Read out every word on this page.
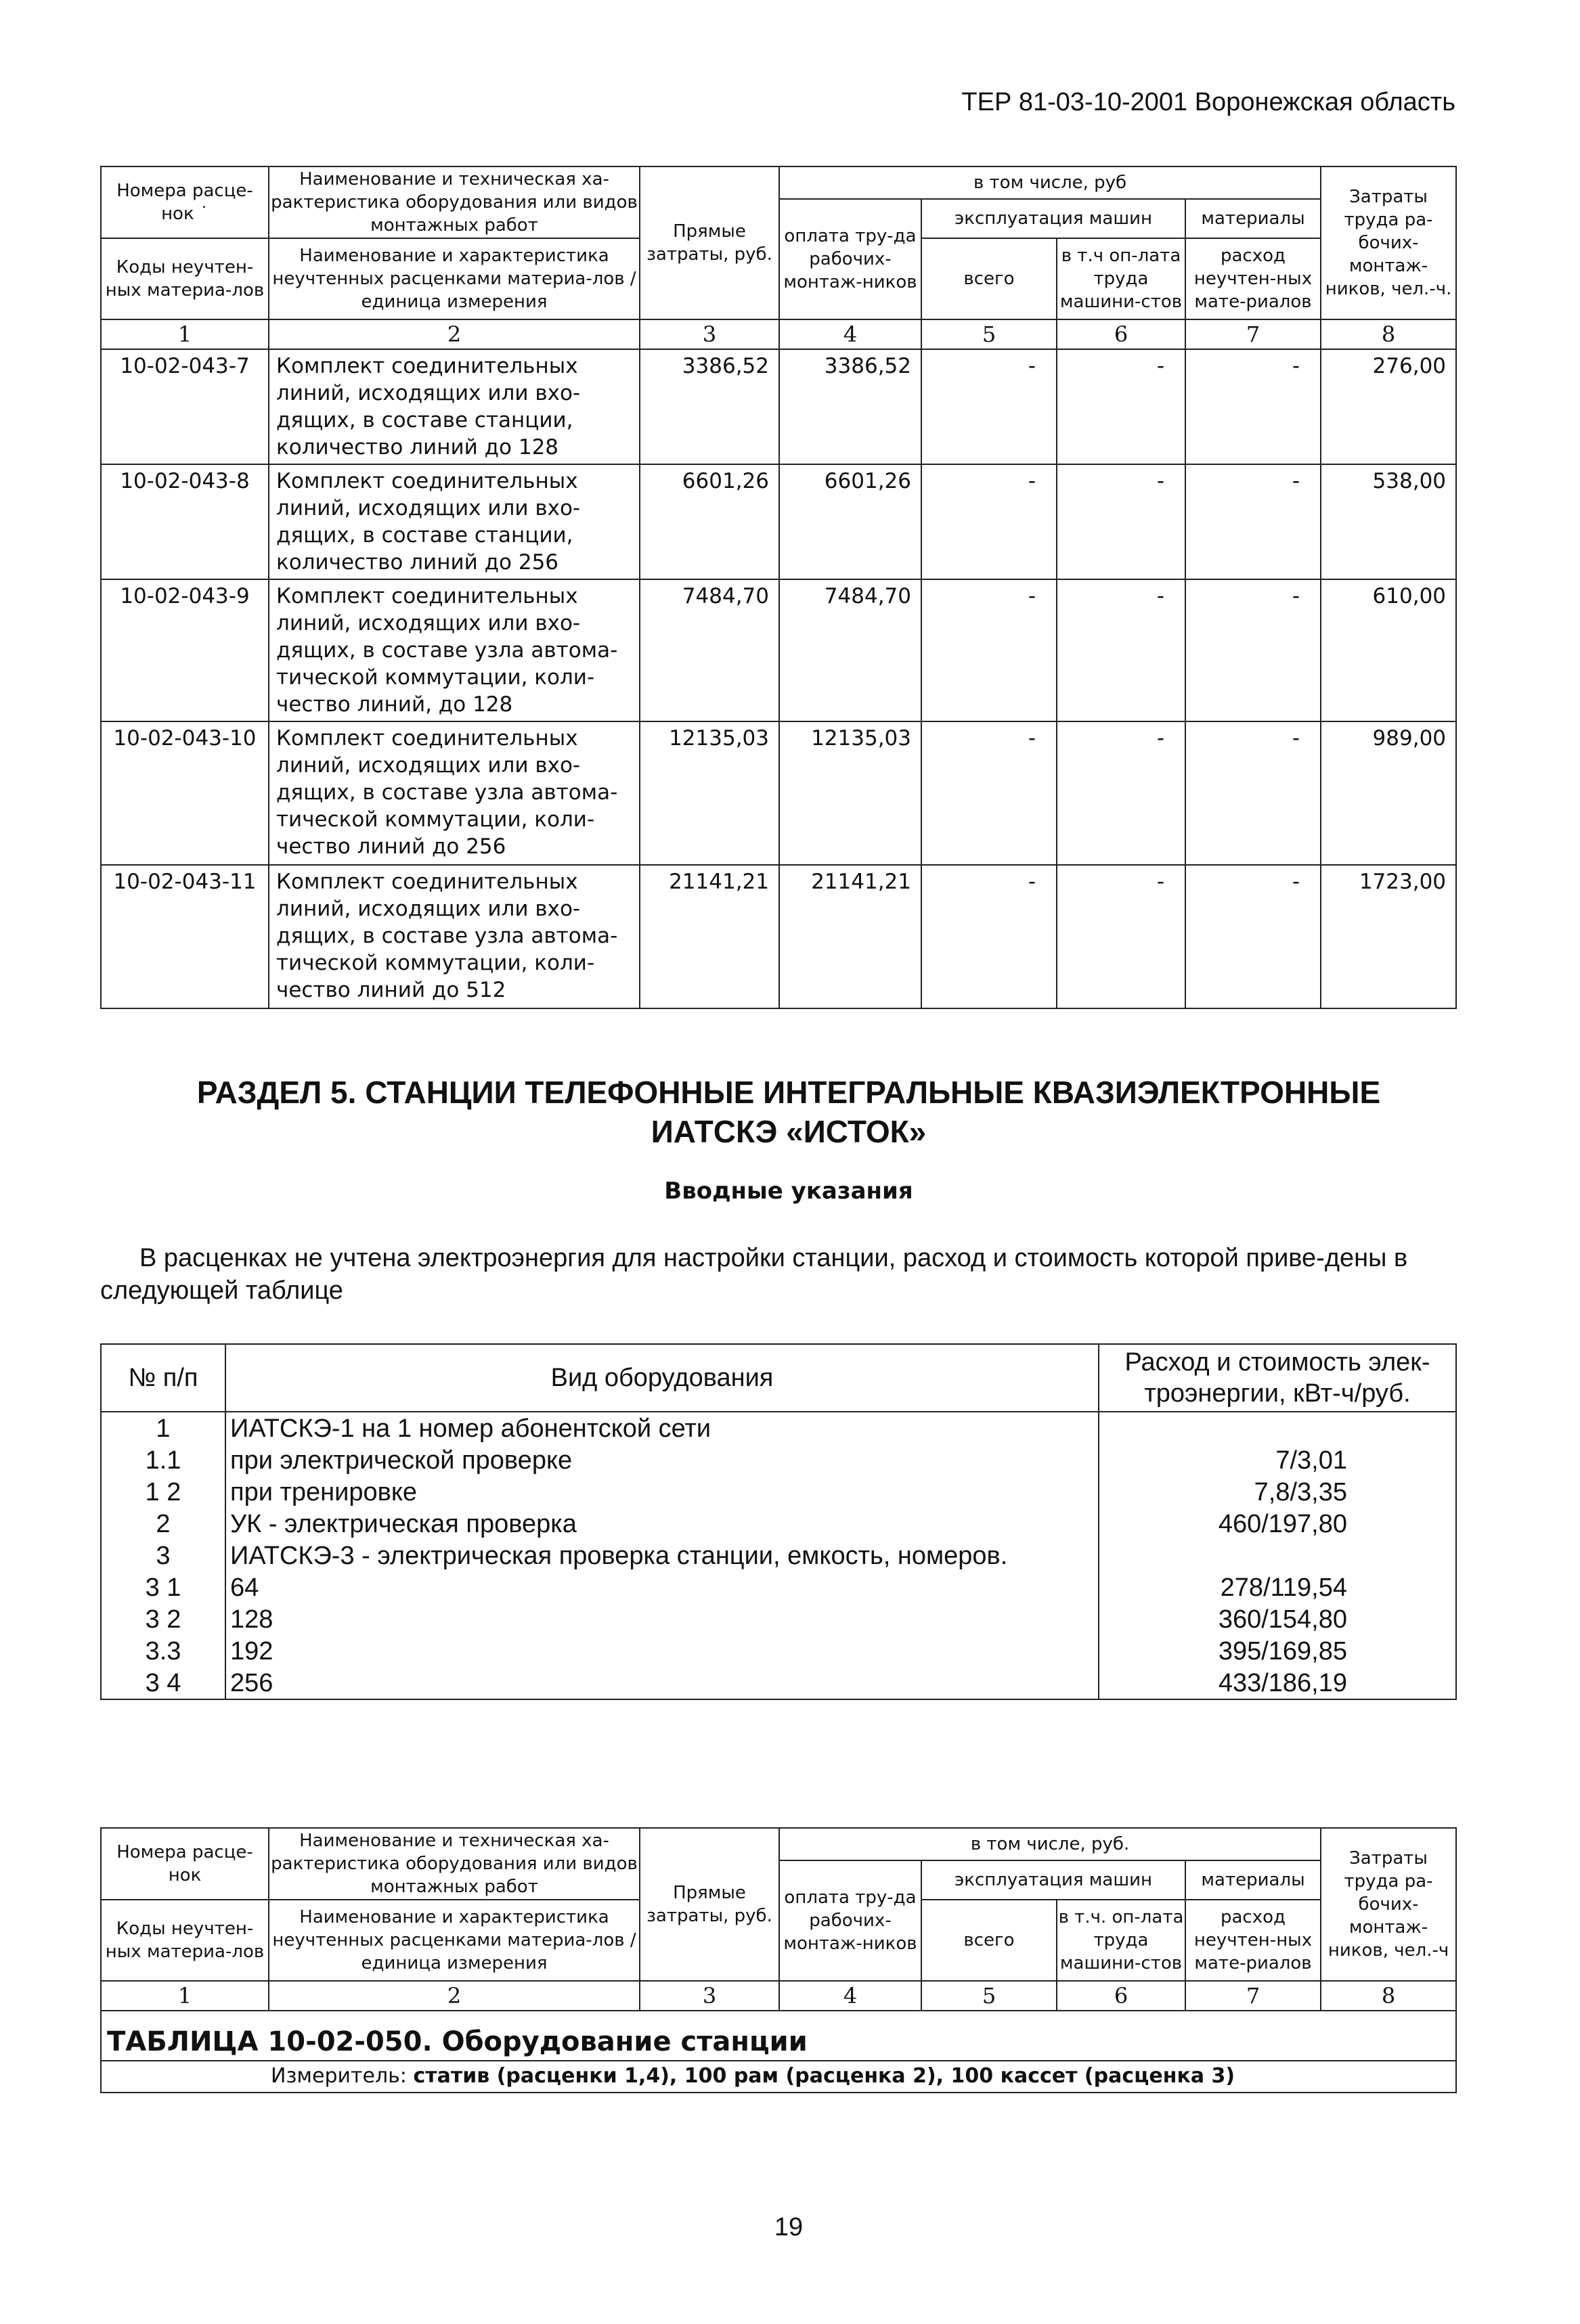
ТЕР 81-03-10-2001 Воронежская область
Номера расце-нок ˙	Наименование и техническая ха-рактеристика оборудования или видов монтажных работ	Прямые затраты, руб.	в том числе, руб				Затраты труда ра-бочих-монтаж-ников, чел.-ч.
			оплата тру-да рабочих-монтаж-ников	эксплуатация машин		материалы	
Коды неучтен-ных материа-лов	Наименование и характеристика неучтенных расценками материа-лов / единица измерения			всего	в т.ч оп-лата труда машини-стов	расход неучтен-ных мате-риалов	

1	2	3	4	5	6	7	8
10-02-043-7	Комплект соединительных линий, исходящих или вхо-дящих, в составе станции, количество линий до 128	3386,52	3386,52	-	-	-	276,00
10-02-043-8	Комплект соединительных линий, исходящих или вхо-дящих, в составе станции, количество линий до 256	6601,26	6601,26	-	-	-	538,00
10-02-043-9	Комплект соединительных линий, исходящих или вхо-дящих, в составе узла автома-тической коммутации, коли-чество линий, до 128	7484,70	7484,70	-	-	-	610,00
10-02-043-10	Комплект соединительных линий, исходящих или вхо-дящих, в составе узла автома-тической коммутации, коли-чество линий до 256	12135,03	12135,03	-	-	-	989,00
10-02-043-11	Комплект соединительных линий, исходящих или вхо-дящих, в составе узла автома-тической коммутации, коли-чество линий до 512	21141,21	21141,21	-	-	-	1723,00
РАЗДЕЛ 5. СТАНЦИИ ТЕЛЕФОННЫЕ ИНТЕГРАЛЬНЫЕ КВАЗИЭЛЕКТРОННЫЕ
ИАТСКЭ «ИСТОК»
Вводные указания
В расценках не учтена электроэнергия для настройки станции, расход и стоимость которой приве-дены в следующей таблице
№ п/п	Вид оборудования	Расход и стоимость элек-троэнергии, кВт-ч/руб.
1	ИАТСКЭ-1 на 1 номер абонентской сети	
1.1	при электрической проверке	7/3,01
1 2	при тренировке	7,8/3,35
2	УК - электрическая проверка	460/197,80
3	ИАТСКЭ-3 - электрическая проверка станции, емкость, номеров.	
3 1	64	278/119,54
3 2	128	360/154,80
3.3	192	395/169,85
3 4	256	433/186,19
Номера расце-нок	Наименование и техническая ха-рактеристика оборудования или видов монтажных работ	Прямые затраты, руб.	в том числе, руб.				Затраты труда ра-бочих-монтаж-ников, чел.-ч
			оплата тру-да рабочих-монтаж-ников	эксплуатация машин		материалы	
Коды неучтен-ных материа-лов	Наименование и характеристика неучтенных расценками материа-лов / единица измерения			всего	в т.ч. оп-лата труда машини-стов	расход неучтен-ных мате-риалов	

1	2	3	4	5	6	7	8
ТАБЛИЦА 10-02-050. Оборудование станции							
Измеритель: статив (расценки 1,4), 100 рам (расценка 2), 100 кассет (расценка 3)							
19
